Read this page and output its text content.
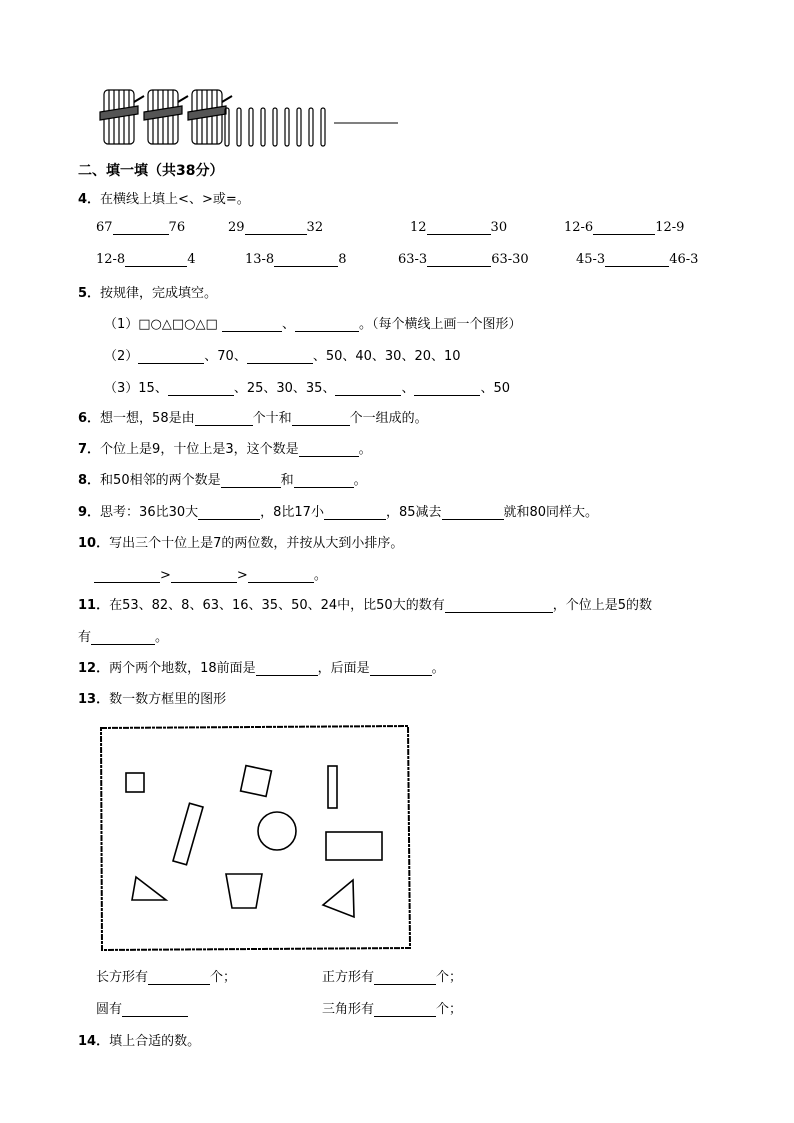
二、填一填（共38分）
4．在横线上填上<、>或=。
67	76	29	32	12	30	12-6	12-9
12-8	4	13-8	8	63-3	63-30	45-3	46-3
5．按规律，完成填空。
（1）□○△□○△□	、	。（每个横线上画一个图形）
（2）	、70、	、50、40、30、20、10
（3）15、	、25、30、35、	、	、50
6．想一想，58是由	个十和	个一组成的。
7．个位上是9，十位上是3，这个数是	。
8．和50相邻的两个数是	和	。
9．思考：36比30大	，8比17小	，85减去	就和80同样大。
10．写出三个十位上是7的两位数，并按从大到小排序。
>	>	。
11．在53、82、8、63、16、35、50、24中，比50大的数有	，个位上是5的数
有	。
12．两个两个地数，18前面是	，后面是	。
13．数一数方框里的图形
长方形有	个；	正方形有	个；
圆有	三角形有	个；
14．填上合适的数。
